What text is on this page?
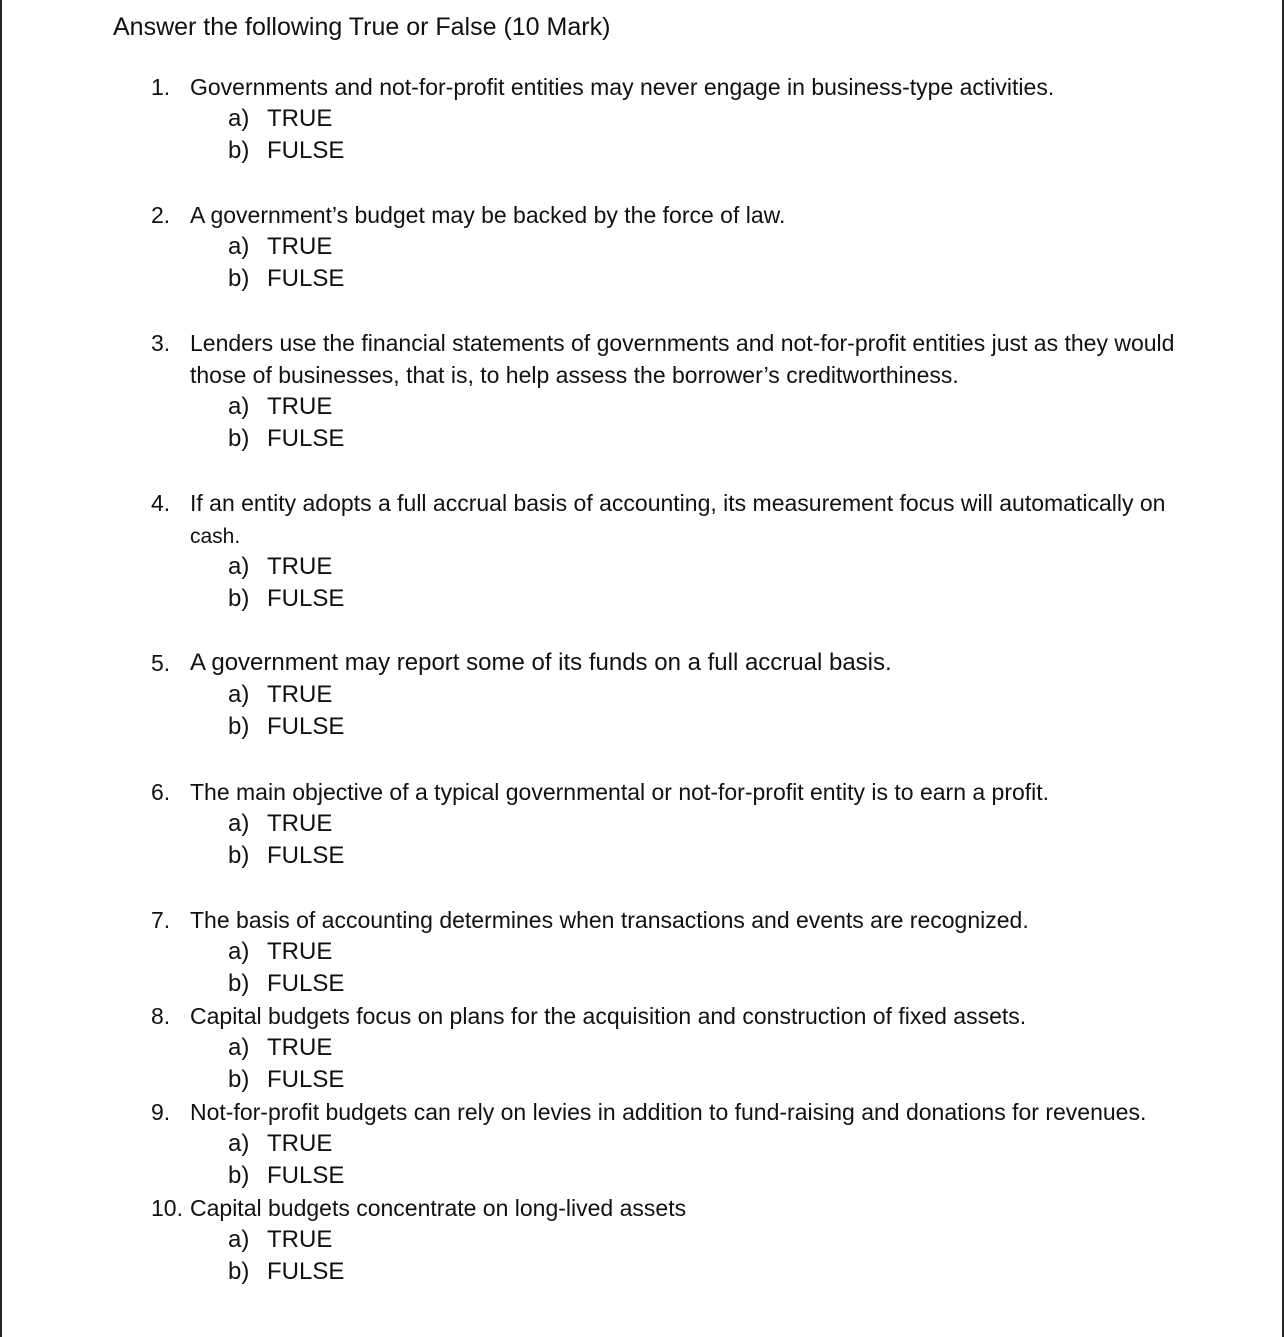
Answer the following True or False (10 Mark)
1. Governments and not-for-profit entities may never engage in business-type activities.
a) TRUE
b) FULSE
2. A government’s budget may be backed by the force of law.
a) TRUE
b) FULSE
3. Lenders use the financial statements of governments and not-for-profit entities just as they would
those of businesses, that is, to help assess the borrower’s creditworthiness.
a) TRUE
b) FULSE
4. If an entity adopts a full accrual basis of accounting, its measurement focus will automatically on
cash.
a) TRUE
b) FULSE
5. A government may report some of its funds on a full accrual basis.
a) TRUE
b) FULSE
6. The main objective of a typical governmental or not-for-profit entity is to earn a profit.
a) TRUE
b) FULSE
7. The basis of accounting determines when transactions and events are recognized.
a) TRUE
b) FULSE
8. Capital budgets focus on plans for the acquisition and construction of fixed assets.
a) TRUE
b) FULSE
9. Not-for-profit budgets can rely on levies in addition to fund-raising and donations for revenues.
a) TRUE
b) FULSE
10. Capital budgets concentrate on long-lived assets
a) TRUE
b) FULSE
